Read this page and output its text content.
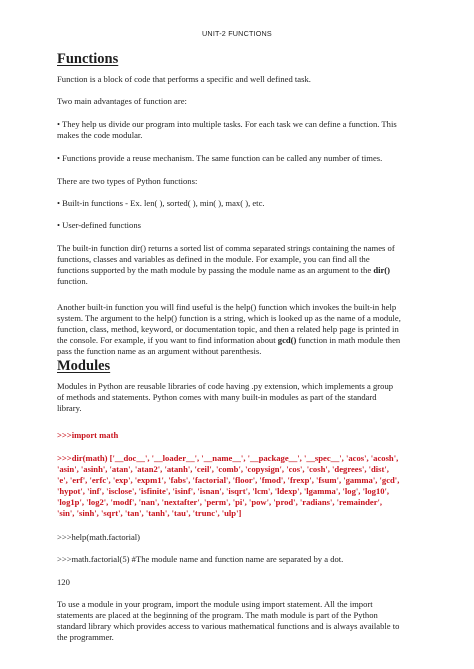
UNIT-2 FUNCTIONS
Functions

Function is a block of code that performs a specific and well defined task.

Two main advantages of function are:

• They help us divide our program into multiple tasks. For each task we can define a function. This
makes the code modular.

• Functions provide a reuse mechanism. The same function can be called any number of times.

There are two types of Python functions:

• Built-in functions - Ex. len( ), sorted( ), min( ), max( ), etc.

• User-defined functions

The built-in function dir() returns a sorted list of comma separated strings containing the names of
functions, classes and variables as defined in the module. For example, you can find all the
functions supported by the math module by passing the module name as an argument to the dir()
function.
Another built-in function you will find useful is the help() function which invokes the built-in help
system. The argument to the help() function is a string, which is looked up as the name of a module,
function, class, method, keyword, or documentation topic, and then a related help page is printed in
the console. For example, if you want to find information about gcd() function in math module then
pass the function name as an argument without parenthesis.
Modules
Modules in Python are reusable libraries of code having .py extension, which implements a group
of methods and statements. Python comes with many built-in modules as part of the standard
library.

>>>import math

>>>dir(math) ['__doc__', '__loader__', '__name__', '__package__', '__spec__', 'acos', 'acosh',
'asin', 'asinh', 'atan', 'atan2', 'atanh', 'ceil', 'comb', 'copysign', 'cos', 'cosh', 'degrees', 'dist',
'e', 'erf', 'erfc', 'exp', 'expm1', 'fabs', 'factorial', 'floor', 'fmod', 'frexp', 'fsum', 'gamma', 'gcd',
'hypot', 'inf', 'isclose', 'isfinite', 'isinf', 'isnan', 'isqrt', 'lcm', 'ldexp', 'lgamma', 'log', 'log10',
'log1p', 'log2', 'modf', 'nan', 'nextafter', 'perm', 'pi', 'pow', 'prod', 'radians', 'remainder',
'sin', 'sinh', 'sqrt', 'tan', 'tanh', 'tau', 'trunc', 'ulp']

>>>help(math.factorial)

>>>math.factorial(5) #The module name and function name are separated by a dot.

120

To use a module in your program, import the module using import statement. All the import
statements are placed at the beginning of the program. The math module is part of the Python
standard library which provides access to various mathematical functions and is always available to
the programmer.
